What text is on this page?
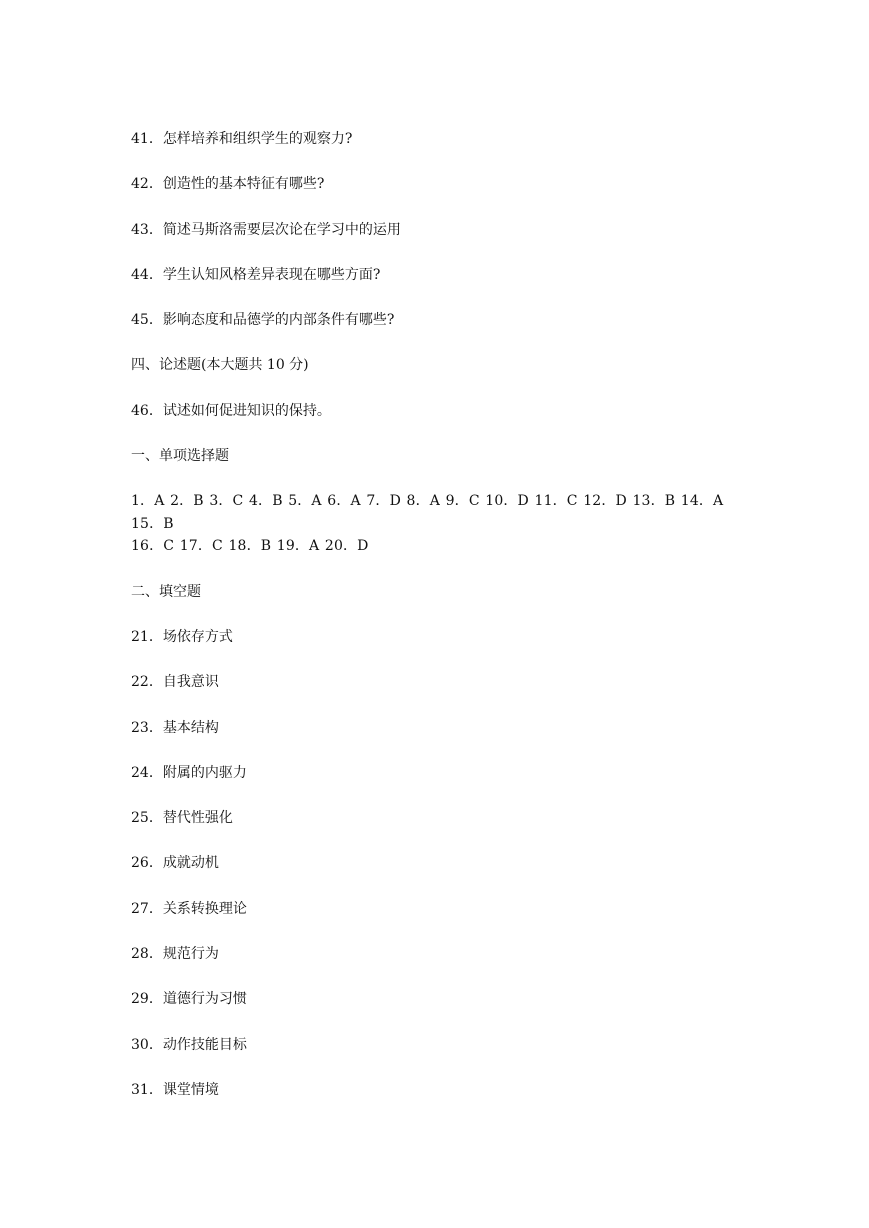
41．怎样培养和组织学生的观察力?
42．创造性的基本特征有哪些?
43．简述马斯洛需要层次论在学习中的运用
44．学生认知风格差异表现在哪些方面?
45．影响态度和品德学的内部条件有哪些?
四、论述题(本大题共 10 分)
46．试述如何促进知识的保持。
一、单项选择题
1．A 2．B 3．C 4．B 5．A 6．A 7．D 8．A 9．C 10．D 11．C 12．D 13．B 14．A 15．B
16．C 17．C 18．B 19．A 20．D
二、填空题
21．场依存方式
22．自我意识
23．基本结构
24．附属的内驱力
25．替代性强化
26．成就动机
27．关系转换理论
28．规范行为
29．道德行为习惯
30．动作技能目标
31．课堂情境
